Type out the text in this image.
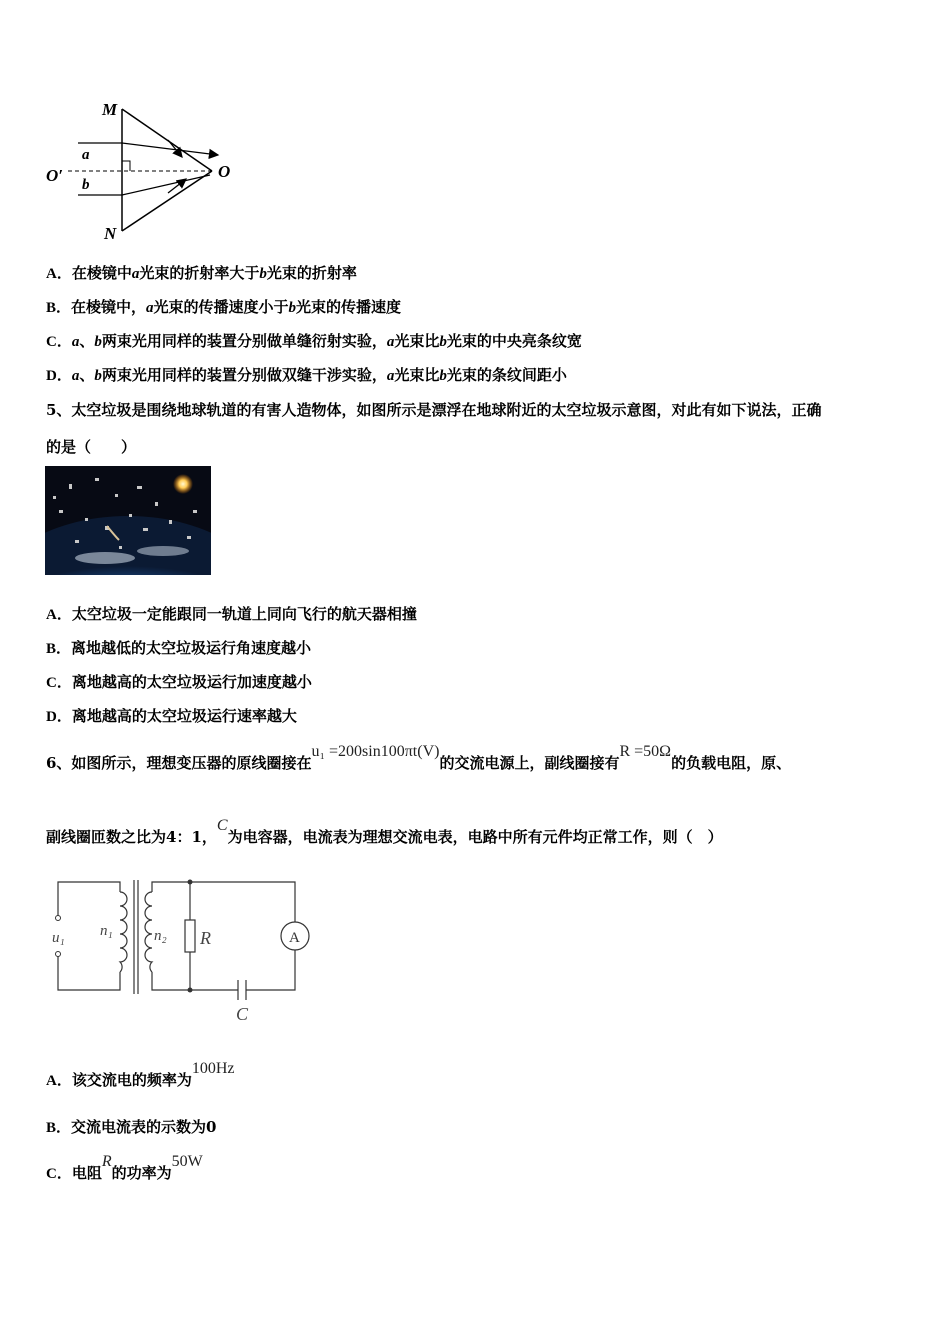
M
N
O
O′
a
b
A．在棱镜中a光束的折射率大于b光束的折射率
B．在棱镜中，a光束的传播速度小于b光束的传播速度
C．a、b两束光用同样的装置分别做单缝衍射实验，a光束比b光束的中央亮条纹宽
D．a、b两束光用同样的装置分别做双缝干涉实验，a光束比b光束的条纹间距小
5、太空垃圾是围绕地球轨道的有害人造物体，如图所示是漂浮在地球附近的太空垃圾示意图，对此有如下说法，正确
的是（　　）
A．太空垃圾一定能跟同一轨道上同向飞行的航天器相撞
B．离地越低的太空垃圾运行角速度越小
C．离地越高的太空垃圾运行加速度越小
D．离地越高的太空垃圾运行速率越大
6、如图所示，理想变压器的原线圈接在u₁ =200sin100πt(V)的交流电源上，副线圈接有R =50Ω的负载电阻，原、
副线圈匝数之比为4：1，C为电容器，电流表为理想交流电表，电路中所有元件均正常工作，则（　）
u₁ n₁	n₂ R	A
C
A．该交流电的频率为100Hz
B．交流电流表的示数为0
C．电阻R的功率为50W
